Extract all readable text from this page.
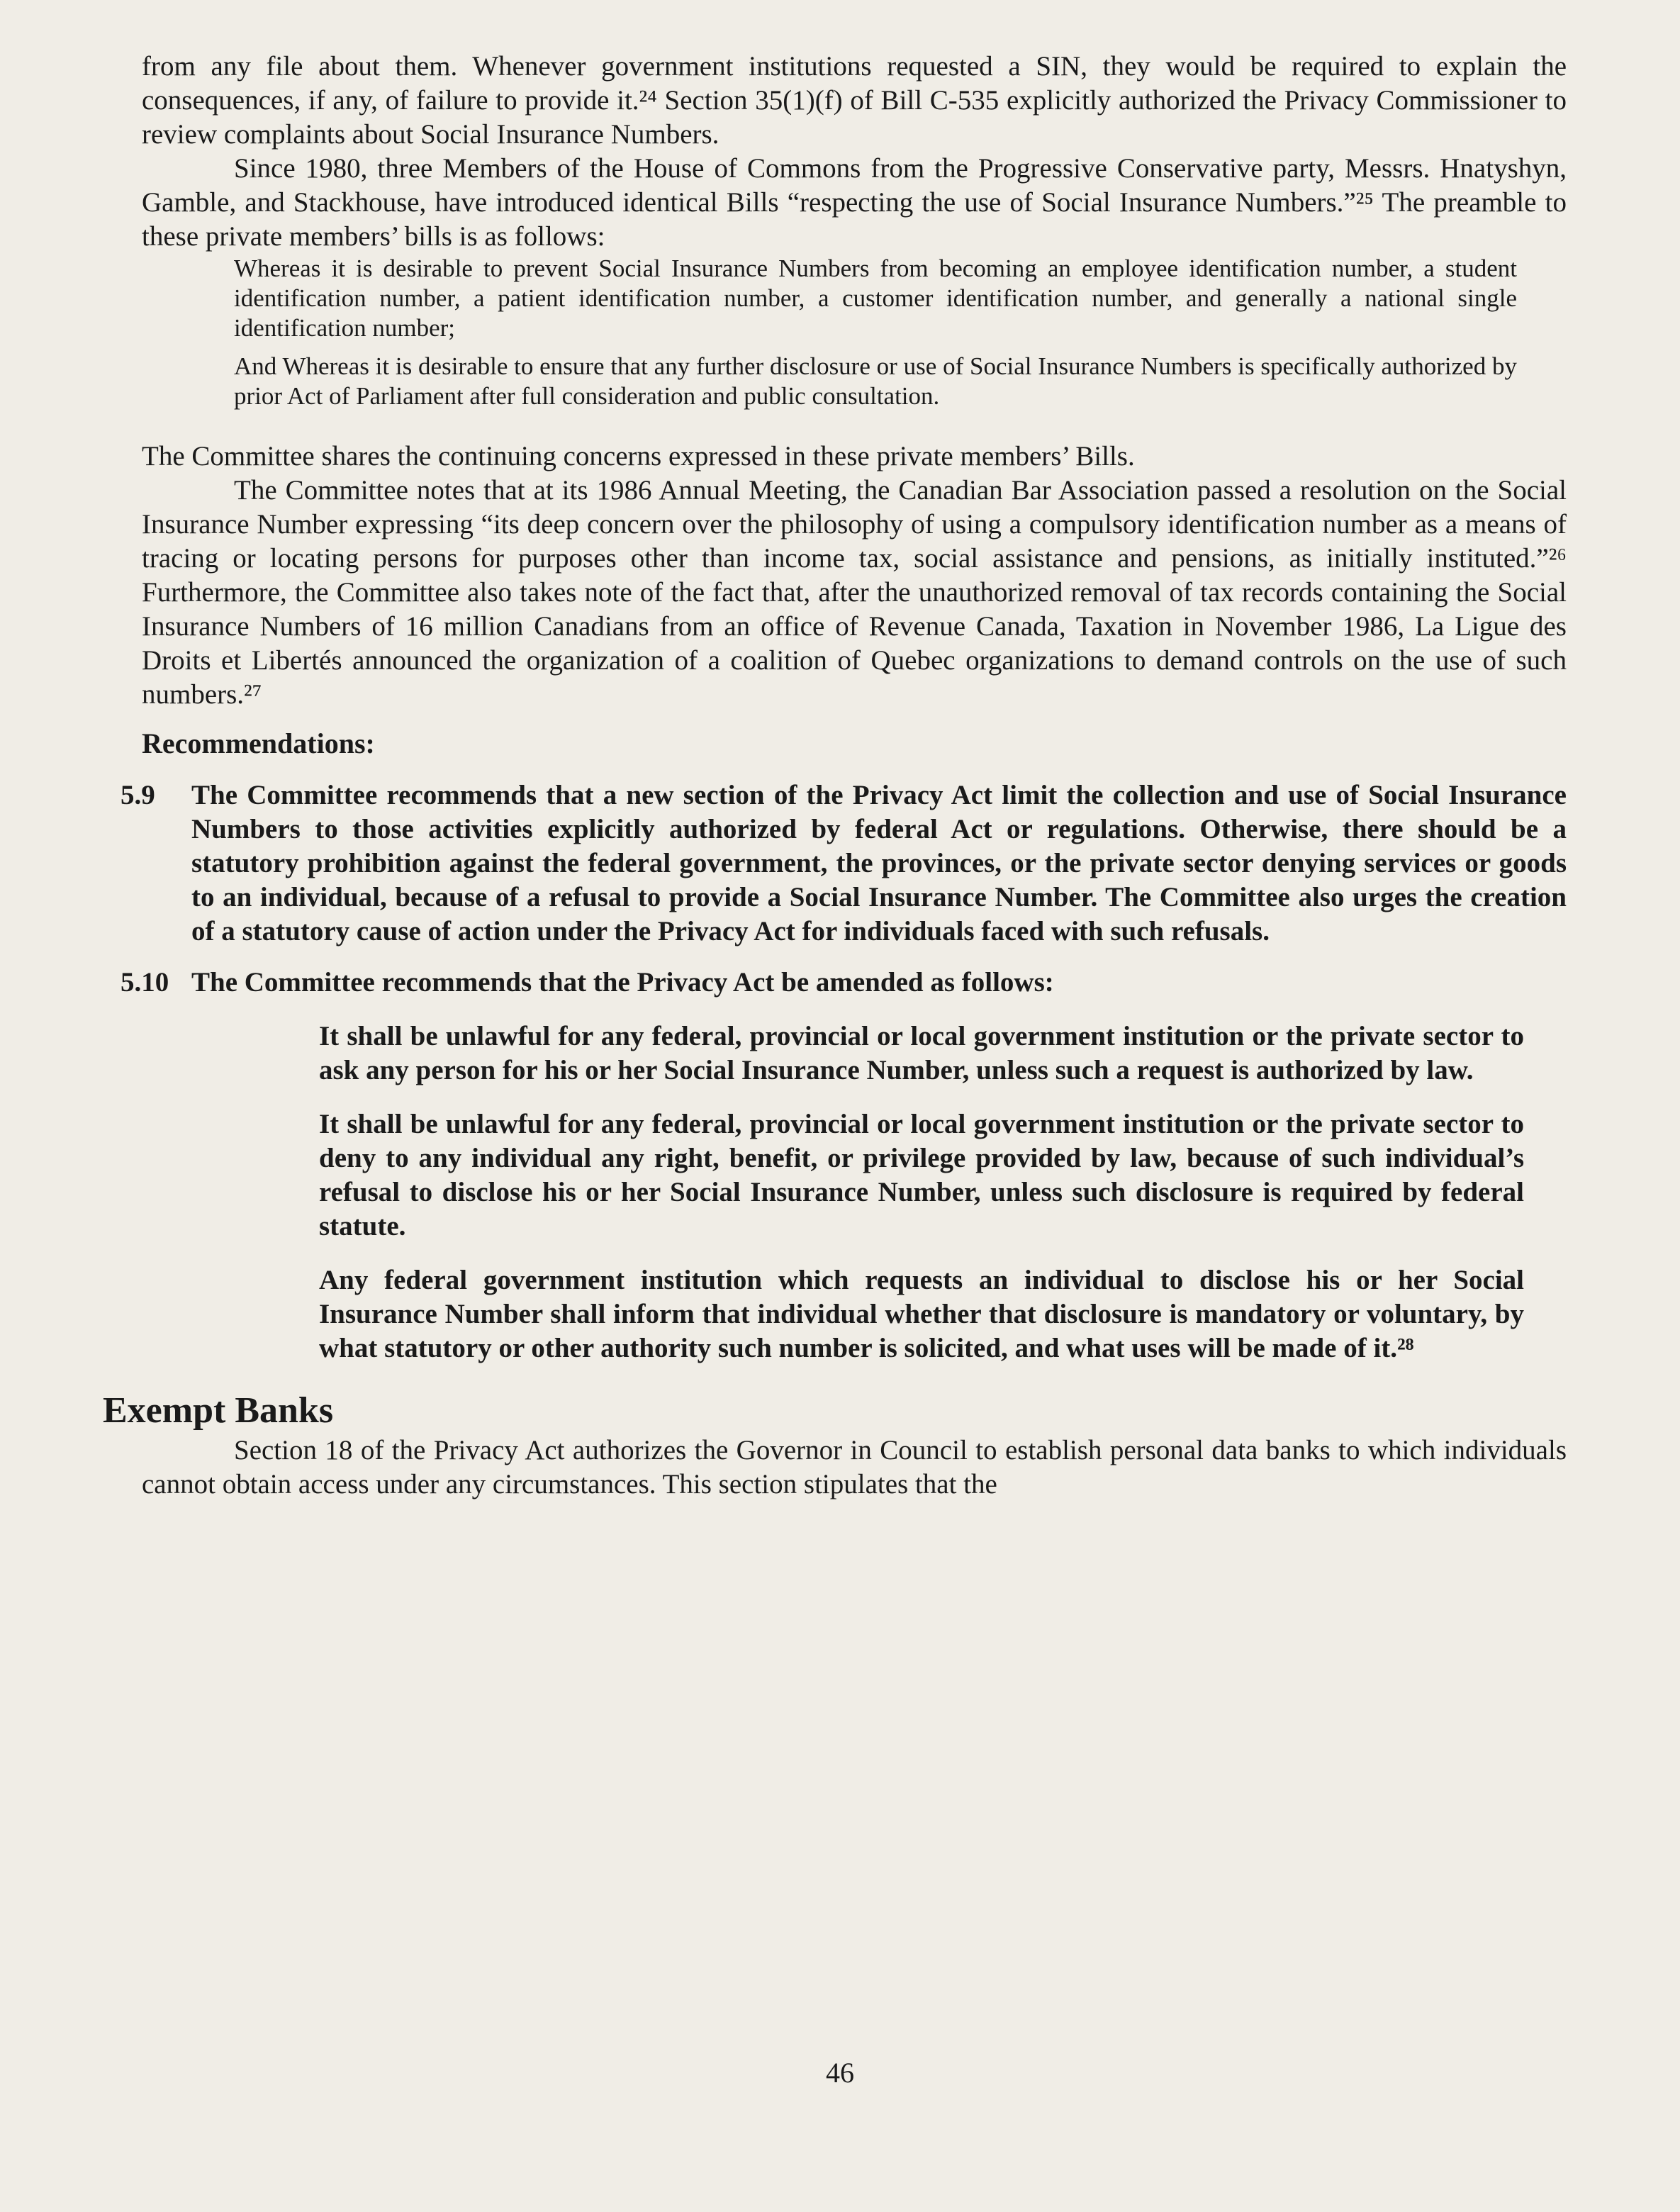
from any file about them. Whenever government institutions requested a SIN, they would be required to explain the consequences, if any, of failure to provide it.²⁴ Section 35(1)(f) of Bill C-535 explicitly authorized the Privacy Commissioner to review complaints about Social Insurance Numbers.

Since 1980, three Members of the House of Commons from the Progressive Conservative party, Messrs. Hnatyshyn, Gamble, and Stackhouse, have introduced identical Bills “respecting the use of Social Insurance Numbers.”²⁵ The preamble to these private members’ bills is as follows:

Whereas it is desirable to prevent Social Insurance Numbers from becoming an employee identification number, a student identification number, a patient identification number, a customer identification number, and generally a national single identification number;

And Whereas it is desirable to ensure that any further disclosure or use of Social Insurance Numbers is specifically authorized by prior Act of Parliament after full consideration and public consultation.

The Committee shares the continuing concerns expressed in these private members’ Bills.

The Committee notes that at its 1986 Annual Meeting, the Canadian Bar Association passed a resolution on the Social Insurance Number expressing “its deep concern over the philosophy of using a compulsory identification number as a means of tracing or locating persons for purposes other than income tax, social assistance and pensions, as initially instituted.”²⁶ Furthermore, the Committee also takes note of the fact that, after the unauthorized removal of tax records containing the Social Insurance Numbers of 16 million Canadians from an office of Revenue Canada, Taxation in November 1986, La Ligue des Droits et Libertés announced the organization of a coalition of Quebec organizations to demand controls on the use of such numbers.²⁷

Recommendations:

5.9	The Committee recommends that a new section of the Privacy Act limit the collection and use of Social Insurance Numbers to those activities explicitly authorized by federal Act or regulations. Otherwise, there should be a statutory prohibition against the federal government, the provinces, or the private sector denying services or goods to an individual, because of a refusal to provide a Social Insurance Number. The Committee also urges the creation of a statutory cause of action under the Privacy Act for individuals faced with such refusals.
5.10 The Committee recommends that the Privacy Act be amended as follows:

It shall be unlawful for any federal, provincial or local government institution or the private sector to ask any person for his or her Social Insurance Number, unless such a request is authorized by law.

It shall be unlawful for any federal, provincial or local government institution or the private sector to deny to any individual any right, benefit, or privilege provided by law, because of such individual’s refusal to disclose his or her Social Insurance Number, unless such disclosure is required by federal statute.

Any federal government institution which requests an individual to disclose his or her Social Insurance Number shall inform that individual whether that disclosure is mandatory or voluntary, by what statutory or other authority such number is solicited, and what uses will be made of it.²⁸

Exempt Banks

Section 18 of the Privacy Act authorizes the Governor in Council to establish personal data banks to which individuals cannot obtain access under any circumstances. This section stipulates that the

46
